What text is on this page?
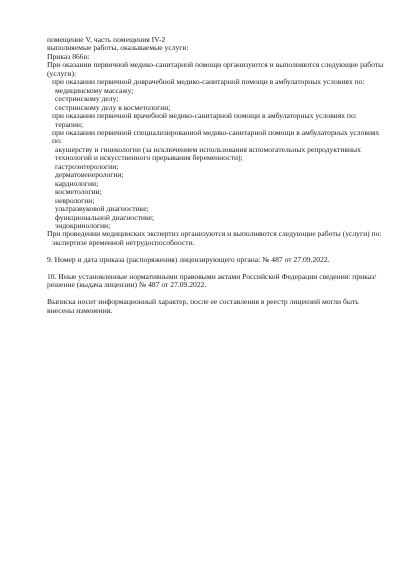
помещение V, часть помещения IV-2
выполняемые работы, оказываемые услуги:
Приказ 866н:
При оказании первичной медико-санитарной помощи организуются и выполняются следующие работы (услуги):
при оказании первичной доврачебной медико-санитарной помощи в амбулаторных условиях по:
медицинскому массажу;
сестринскому делу;
сестринскому делу в косметологии;
при оказании первичной врачебной медико-санитарной помощи в амбулаторных условиях по:
терапии;
при оказании первичной специализированной медико-санитарной помощи в амбулаторных условиях по:
акушерству и гинекологии (за исключением использования вспомогательных репродуктивных технологий и искусственного прерывания беременности);
гастроэнтерологии;
дерматовенерологии;
кардиологии;
косметологии;
неврологии;
ультразвуковой диагностике;
функциональной диагностике;
эндокринологии;
При проведении медицинских экспертиз организуются и выполняются следующие работы (услуги) по:
экспертизе временной нетрудоспособности.
9. Номер и дата приказа (распоряжения) лицензирующего органа: № 487 от 27.09.2022.
10. Иные установленные нормативными правовыми актами Российской Федерации сведения: приказ/решение (выдача лицензии) № 487 от 27.09.2022.
Выписка носит информационный характер, после ее составления в реестр лицензий могли быть внесены изменения.
